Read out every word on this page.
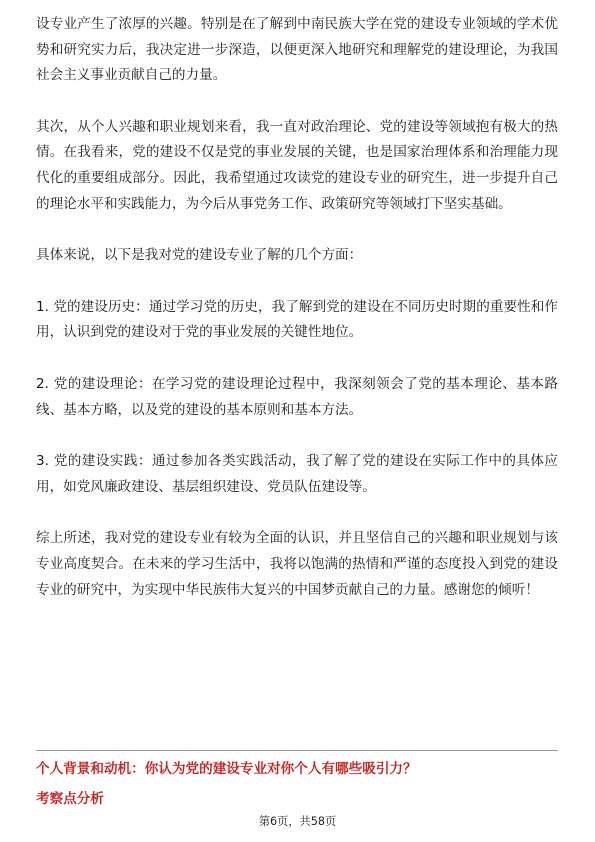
设专业产生了浓厚的兴趣。特别是在了解到中南民族大学在党的建设专业领域的学术优势和研究实力后，我决定进一步深造，以便更深入地研究和理解党的建设理论，为我国社会主义事业贡献自己的力量。

其次，从个人兴趣和职业规划来看，我一直对政治理论、党的建设等领域抱有极大的热情。在我看来，党的建设不仅是党的事业发展的关键，也是国家治理体系和治理能力现代化的重要组成部分。因此，我希望通过攻读党的建设专业的研究生，进一步提升自己的理论水平和实践能力，为今后从事党务工作、政策研究等领域打下坚实基础。

具体来说，以下是我对党的建设专业了解的几个方面：

1. 党的建设历史：通过学习党的历史，我了解到党的建设在不同历史时期的重要性和作用，认识到党的建设对于党的事业发展的关键性地位。

2. 党的建设理论：在学习党的建设理论过程中，我深刻领会了党的基本理论、基本路线、基本方略，以及党的建设的基本原则和基本方法。

3. 党的建设实践：通过参加各类实践活动，我了解了党的建设在实际工作中的具体应用，如党风廉政建设、基层组织建设、党员队伍建设等。

综上所述，我对党的建设专业有较为全面的认识，并且坚信自己的兴趣和职业规划与该专业高度契合。在未来的学习生活中，我将以饱满的热情和严谨的态度投入到党的建设专业的研究中，为实现中华民族伟大复兴的中国梦贡献自己的力量。感谢您的倾听！

个人背景和动机：你认为党的建设专业对你个人有哪些吸引力？
考察点分析
第6页，共58页
